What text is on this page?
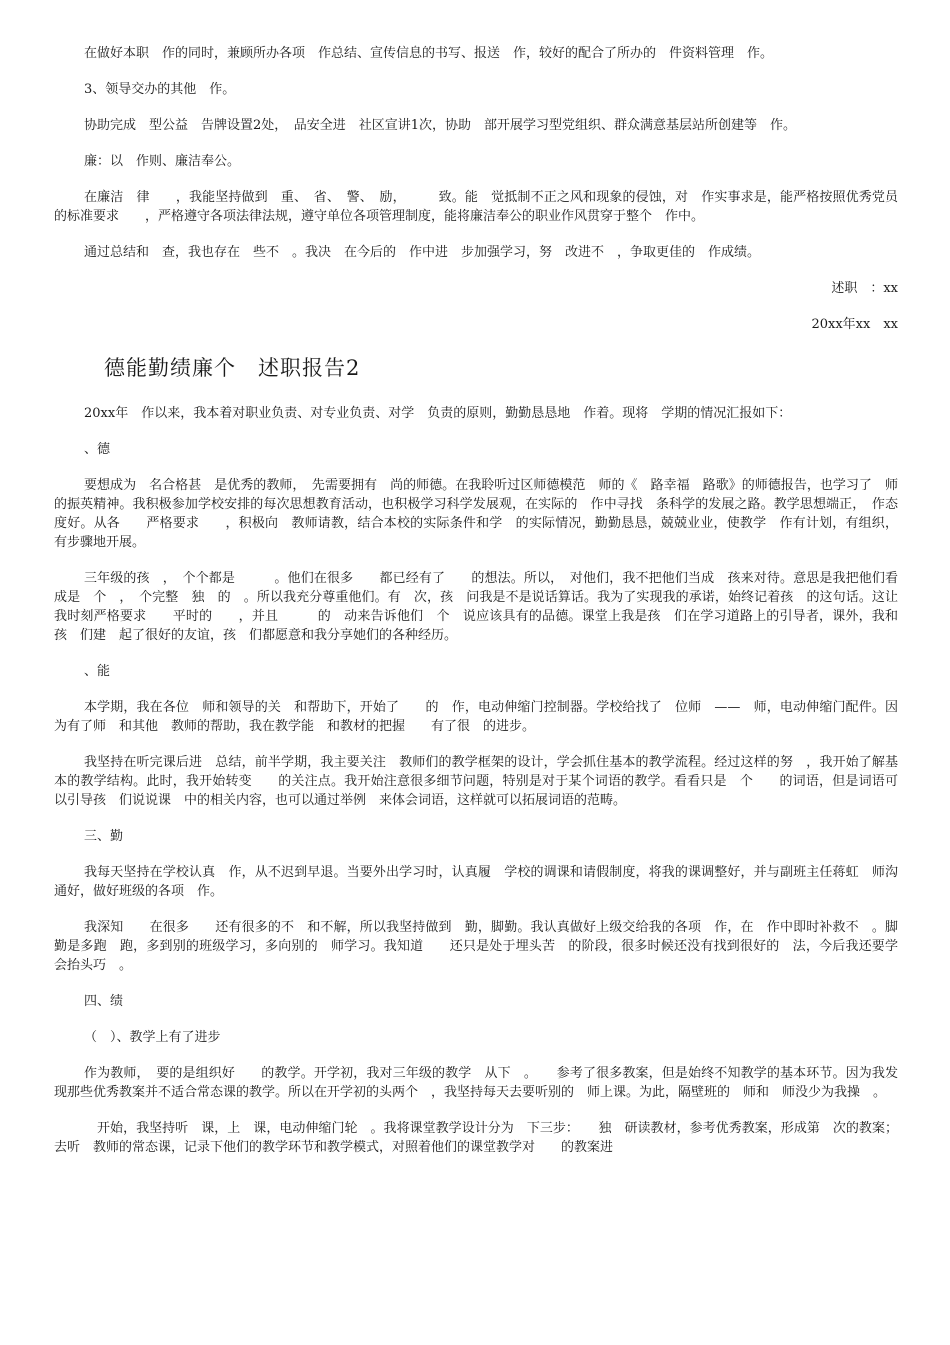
在做好本职　作的同时，兼顾所办各项　作总结、宣传信息的书写、报送　作，较好的配合了所办的　件资料管理　作。

3、领导交办的其他　作。

协助完成　型公益　告牌设置2处，　品安全进　社区宣讲1次，协助　部开展学习型党组织、群众满意基层站所创建等　作。

廉：以　作则、廉洁奉公。

在廉洁　律　　，我能坚持做到　重、　省、　警、　励，　　　致。能　觉抵制不正之风和现象的侵蚀，对　作实事求是，能严格按照优秀党员的标准要求　　，严格遵守各项法律法规，遵守单位各项管理制度，能将廉洁奉公的职业作风贯穿于整个　作中。

通过总结和　查，我也存在　些不　。我决　在今后的　作中进　步加强学习，努　改进不　，争取更佳的　作成绩。

述职　：xx

20xx年xx　xx

德能勤绩廉个　述职报告2

20xx年　作以来，我本着对职业负责、对专业负责、对学　负责的原则，勤勤恳恳地　作着。现将　学期的情况汇报如下：

、德

要想成为　名合格甚　是优秀的教师，　先需要拥有　尚的师德。在我聆听过区师德模范　师的《　路幸福　路歌》的师德报告，也学习了　师的振英精神。我积极参加学校安排的每次思想教育活动，也积极学习科学发展观，在实际的　作中寻找　条科学的发展之路。教学思想端正，　作态度好。从各　　严格要求　　，积极向　教师请教，结合本校的实际条件和学　的实际情况，勤勤恳恳，兢兢业业，使教学　作有计划，有组织，有步骤地开展。

三年级的孩　，　个个都是　　　。他们在很多　　都已经有了　　的想法。所以，　对他们，我不把他们当成　孩来对待。意思是我把他们看成是　个　，　个完整　独　的　。所以我充分尊重他们。有　次，孩　问我是不是说话算话。我为了实现我的承诺，始终记着孩　的这句话。这让我时刻严格要求　　平时的　　，并且　　　的　动来告诉他们　个　说应该具有的品德。课堂上我是孩　们在学习道路上的引导者，课外，我和孩　们建　起了很好的友谊，孩　们都愿意和我分享她们的各种经历。

、能

本学期，我在各位　师和领导的关　和帮助下，开始了　　的　作，电动伸缩门控制器。学校给找了　位师　——　师，电动伸缩门配件。因为有了师　和其他　教师的帮助，我在教学能　和教材的把握　　有了很　的进步。

我坚持在听完课后进　总结，前半学期，我主要关注　教师们的教学框架的设计，学会抓住基本的教学流程。经过这样的努　，我开始了解基本的教学结构。此时，我开始转变　　的关注点。我开始注意很多细节问题，特别是对于某个词语的教学。看看只是　个　　的词语，但是词语可以引导孩　们说说课　中的相关内容，也可以通过举例　来体会词语，这样就可以拓展词语的范畴。

三、勤

我每天坚持在学校认真　作，从不迟到早退。当要外出学习时，认真履　学校的调课和请假制度，将我的课调整好，并与副班主任蒋虹　师沟通好，做好班级的各项　作。

我深知　　在很多　　还有很多的不　和不解，所以我坚持做到　勤，脚勤。我认真做好上级交给我的各项　作，在　作中即时补救不　。脚勤是多跑　跑，多到别的班级学习，多向别的　师学习。我知道　　还只是处于埋头苦　的阶段，很多时候还没有找到很好的　法，今后我还要学会抬头巧　。

四、绩

（　）、教学上有了进步

作为教师，　要的是组织好　　的教学。开学初，我对三年级的教学　从下　。　　参考了很多教案，但是始终不知教学的基本环节。因为我发现那些优秀教案并不适合常态课的教学。所以在开学初的头两个　，我坚持每天去要听别的　师上课。为此，隔壁班的　师和　师没少为我操　。

　开始，我坚持听　课，上　课，电动伸缩门轮　。我将课堂教学设计分为　下三步：　　独　研读教材，参考优秀教案，形成第　次的教案；去听　教师的常态课，记录下他们的教学环节和教学模式，对照着他们的课堂教学对　　的教案进
